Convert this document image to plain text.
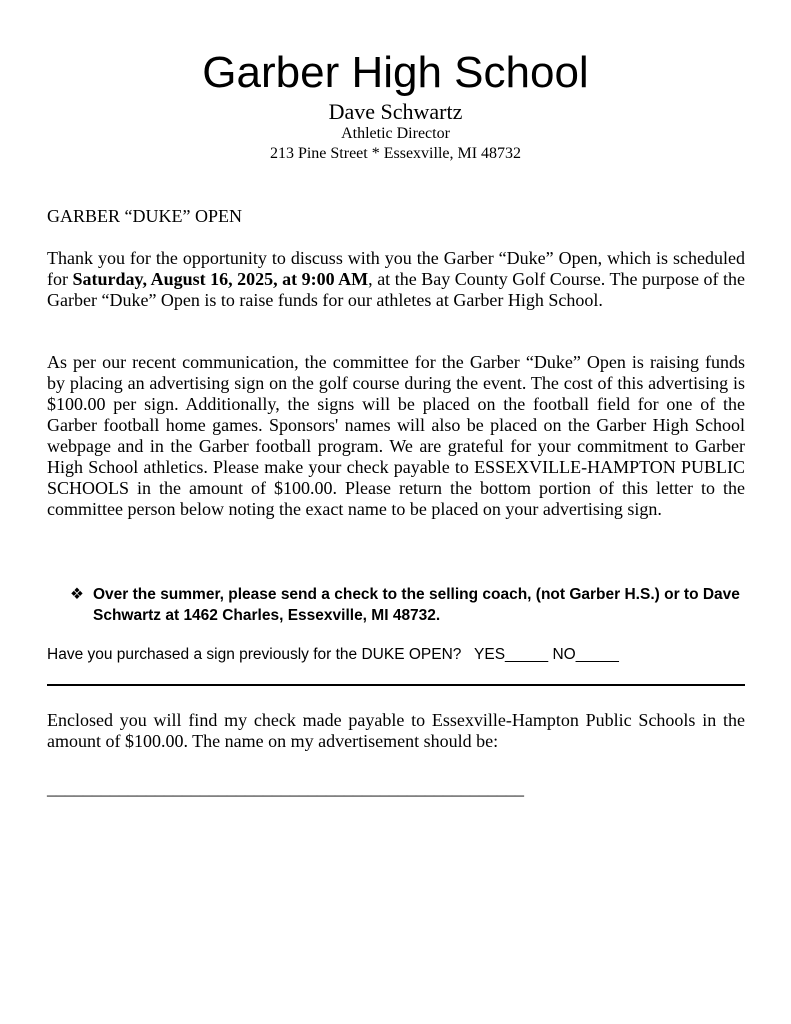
Garber High School
Dave Schwartz
Athletic Director
213 Pine Street * Essexville, MI 48732
GARBER “DUKE” OPEN
Thank you for the opportunity to discuss with you the Garber “Duke” Open, which is scheduled for Saturday, August 16, 2025, at 9:00 AM, at the Bay County Golf Course. The purpose of the Garber “Duke” Open is to raise funds for our athletes at Garber High School.
As per our recent communication, the committee for the Garber “Duke” Open is raising funds by placing an advertising sign on the golf course during the event. The cost of this advertising is $100.00 per sign. Additionally, the signs will be placed on the football field for one of the Garber football home games. Sponsors' names will also be placed on the Garber High School webpage and in the Garber football program. We are grateful for your commitment to Garber High School athletics. Please make your check payable to ESSEXVILLE-HAMPTON PUBLIC SCHOOLS in the amount of $100.00. Please return the bottom portion of this letter to the committee person below noting the exact name to be placed on your advertising sign.
❖ Over the summer, please send a check to the selling coach, (not Garber H.S.) or to Dave Schwartz at 1462 Charles, Essexville, MI 48732.
Have you purchased a sign previously for the DUKE OPEN?   YES_____ NO_____
Enclosed you will find my check made payable to Essexville-Hampton Public Schools in the amount of $100.00. The name on my advertisement should be:
_____________________________________________________
